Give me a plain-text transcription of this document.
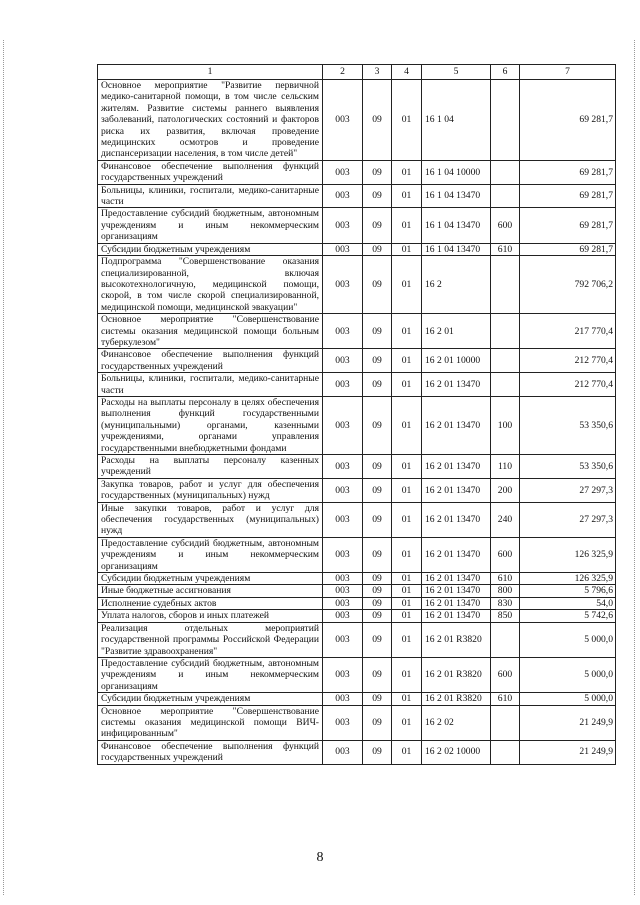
1	2	3	4	5	6	7
Основное мероприятие "Развитие первичной медико-санитарной помощи, в том числе сельским жителям. Развитие системы раннего выявления заболеваний, патологических состояний и факторов риска их развития, включая проведение медицинских осмотров и проведение диспансеризации населения, в том числе детей"	003	09	01	16 1 04		69 281,7
Финансовое обеспечение выполнения функций государственных учреждений	003	09	01	16 1 04 10000		69 281,7
Больницы, клиники, госпитали, медико-санитарные части	003	09	01	16 1 04 13470		69 281,7
Предоставление субсидий бюджетным, автономным учреждениям и иным некоммерческим организациям	003	09	01	16 1 04 13470	600	69 281,7
Субсидии бюджетным учреждениям	003	09	01	16 1 04 13470	610	69 281,7
Подпрограмма "Совершенствование оказания специализированной, включая высокотехнологичную, медицинской помощи, скорой, в том числе скорой специализированной, медицинской помощи, медицинской эвакуации"	003	09	01	16 2		792 706,2
Основное мероприятие "Совершенствование системы оказания медицинской помощи больным туберкулезом"	003	09	01	16 2 01		217 770,4
Финансовое обеспечение выполнения функций государственных учреждений	003	09	01	16 2 01 10000		212 770,4
Больницы, клиники, госпитали, медико-санитарные части	003	09	01	16 2 01 13470		212 770,4
Расходы на выплаты персоналу в целях обеспечения выполнения функций государственными (муниципальными) органами, казенными учреждениями, органами управления государственными внебюджетными фондами	003	09	01	16 2 01 13470	100	53 350,6
Расходы на выплаты персоналу казенных учреждений	003	09	01	16 2 01 13470	110	53 350,6
Закупка товаров, работ и услуг для обеспечения государственных (муниципальных) нужд	003	09	01	16 2 01 13470	200	27 297,3
Иные закупки товаров, работ и услуг для обеспечения государственных (муниципальных) нужд	003	09	01	16 2 01 13470	240	27 297,3
Предоставление субсидий бюджетным, автономным учреждениям и иным некоммерческим организациям	003	09	01	16 2 01 13470	600	126 325,9
Субсидии бюджетным учреждениям	003	09	01	16 2 01 13470	610	126 325,9
Иные бюджетные ассигнования	003	09	01	16 2 01 13470	800	5 796,6
Исполнение судебных актов	003	09	01	16 2 01 13470	830	54,0
Уплата налогов, сборов и иных платежей	003	09	01	16 2 01 13470	850	5 742,6
Реализация отдельных мероприятий государственной программы Российской Федерации "Развитие здравоохранения"	003	09	01	16 2 01 R3820		5 000,0
Предоставление субсидий бюджетным, автономным учреждениям и иным некоммерческим организациям	003	09	01	16 2 01 R3820	600	5 000,0
Субсидии бюджетным учреждениям	003	09	01	16 2 01 R3820	610	5 000,0
Основное мероприятие "Совершенствование системы оказания медицинской помощи ВИЧ-инфицированным"	003	09	01	16 2 02		21 249,9
Финансовое обеспечение выполнения функций государственных учреждений	003	09	01	16 2 02 10000		21 249,9
8
